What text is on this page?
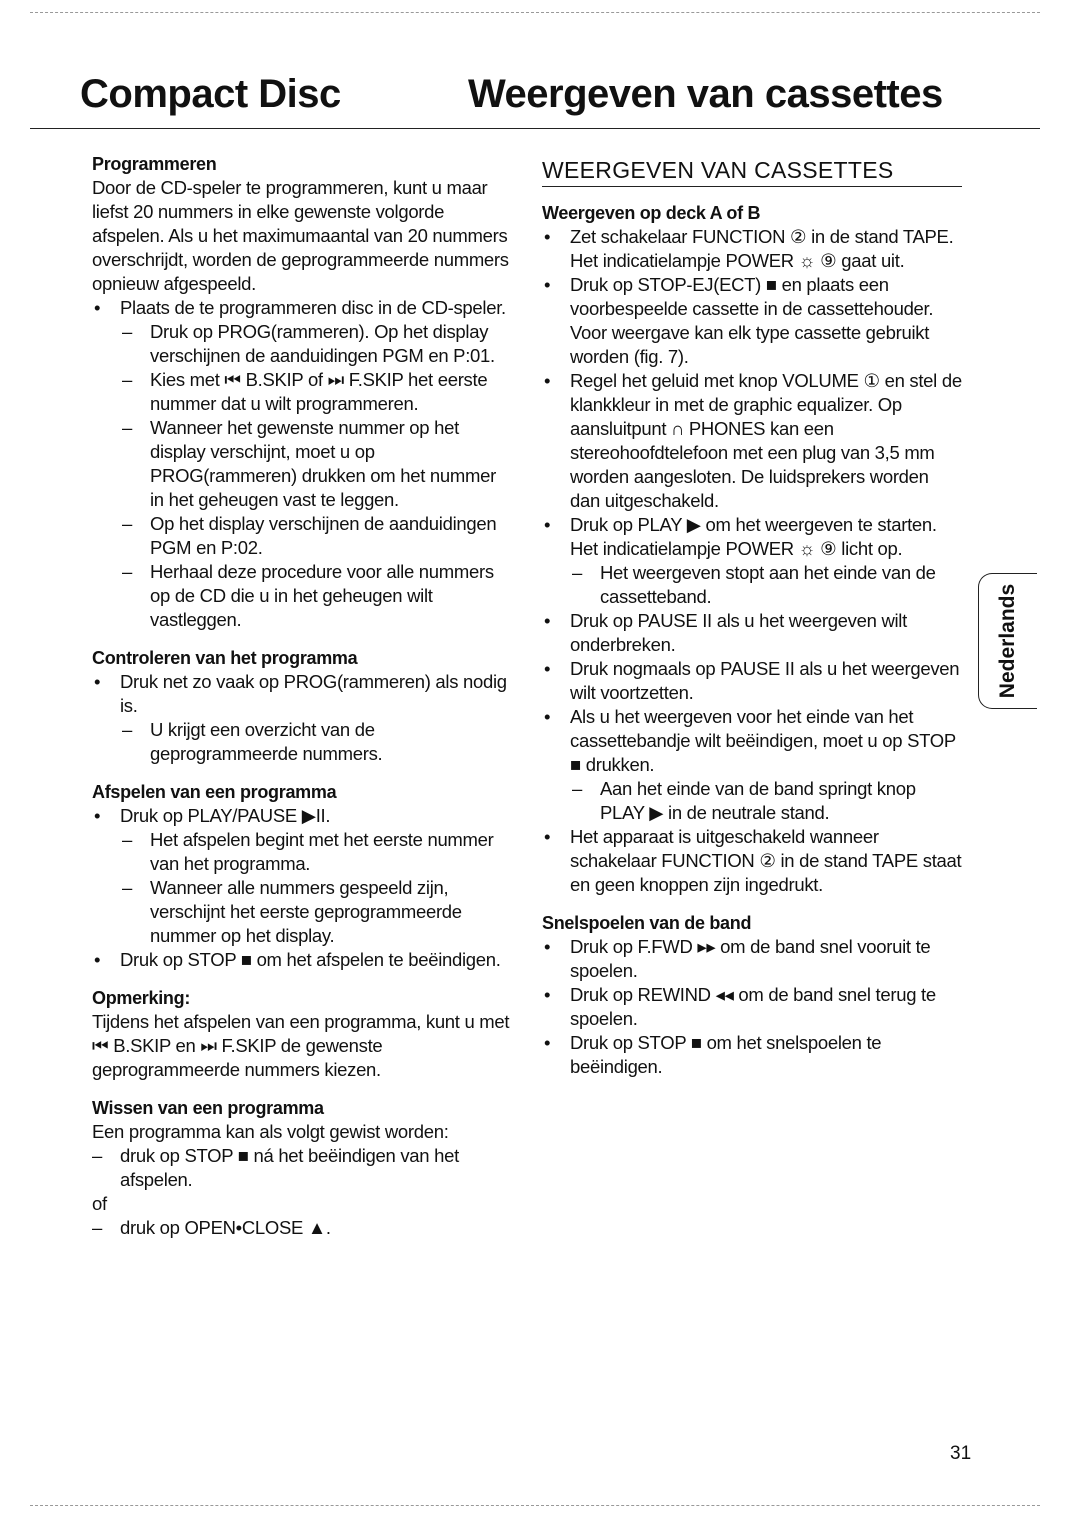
Compact Disc	Weergeven van cassettes
Programmeren
Door de CD-speler te programmeren, kunt u maar liefst 20 nummers in elke gewenste volgorde afspelen. Als u het maximumaantal van 20 nummers overschrijdt, worden de geprogrammeerde nummers opnieuw afgespeeld.
• Plaats de te programmeren disc in de CD-speler.
– Druk op PROG(rammeren). Op het display verschijnen de aanduidingen PGM en P:01.
– Kies met ⏮ B.SKIP of ⏭ F.SKIP het eerste nummer dat u wilt programmeren.
– Wanneer het gewenste nummer op het display verschijnt, moet u op PROG(rammeren) drukken om het nummer in het geheugen vast te leggen.
– Op het display verschijnen de aanduidingen PGM en P:02.
– Herhaal deze procedure voor alle nummers op de CD die u in het geheugen wilt vastleggen.
Controleren van het programma
• Druk net zo vaak op PROG(rammeren) als nodig is.
– U krijgt een overzicht van de geprogrammeerde nummers.
Afspelen van een programma
• Druk op PLAY/PAUSE ▶II.
– Het afspelen begint met het eerste nummer van het programma.
– Wanneer alle nummers gespeeld zijn, verschijnt het eerste geprogrammeerde nummer op het display.
• Druk op STOP ■ om het afspelen te beëindigen.
Opmerking:
Tijdens het afspelen van een programma, kunt u met ⏮ B.SKIP en ⏭ F.SKIP de gewenste geprogrammeerde nummers kiezen.
Wissen van een programma
Een programma kan als volgt gewist worden:
– druk op STOP ■ ná het beëindigen van het afspelen.
of
– druk op OPEN•CLOSE ▲.
WEERGEVEN VAN CASSETTES
Weergeven op deck A of B
• Zet schakelaar FUNCTION ② in de stand TAPE. Het indicatielampje POWER ☼ ⑨ gaat uit.
• Druk op STOP-EJ(ECT) ■ en plaats een voorbespeelde cassette in de cassettehouder. Voor weergave kan elk type cassette gebruikt worden (fig. 7).
• Regel het geluid met knop VOLUME ① en stel de klankkleur in met de graphic equalizer. Op aansluitpunt ∩ PHONES kan een stereohoofdtelefoon met een plug van 3,5 mm worden aangesloten. De luidsprekers worden dan uitgeschakeld.
• Druk op PLAY ▶ om het weergeven te starten. Het indicatielampje POWER ☼ ⑨ licht op.
– Het weergeven stopt aan het einde van de cassetteband.
• Druk op PAUSE II als u het weergeven wilt onderbreken.
• Druk nogmaals op PAUSE II als u het weergeven wilt voortzetten.
• Als u het weergeven voor het einde van het cassettebandje wilt beëindigen, moet u op STOP ■ drukken.
– Aan het einde van de band springt knop PLAY ▶ in de neutrale stand.
• Het apparaat is uitgeschakeld wanneer schakelaar FUNCTION ② in de stand TAPE staat en geen knoppen zijn ingedrukt.
Snelspoelen van de band
• Druk op F.FWD ▸▸ om de band snel vooruit te spoelen.
• Druk op REWIND ◂◂ om de band snel terug te spoelen.
• Druk op STOP ■ om het snelspoelen te beëindigen.
Nederlands
31
